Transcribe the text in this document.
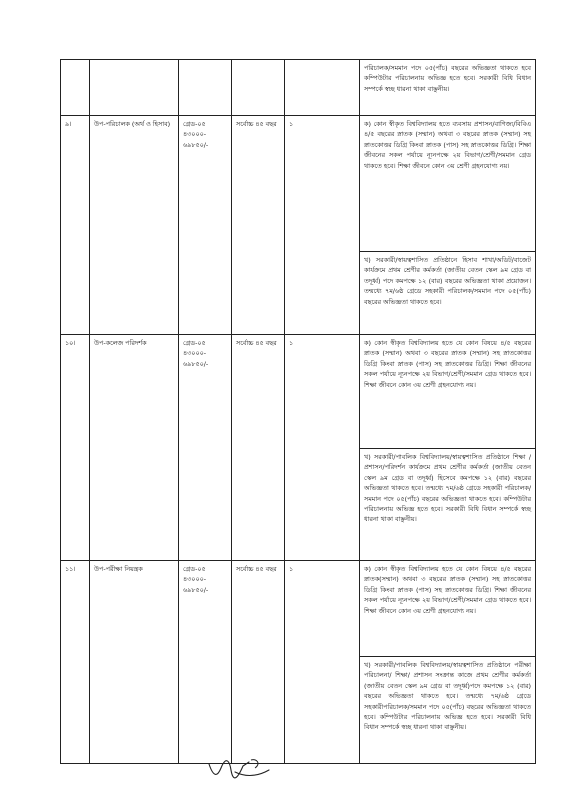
					পরিচালক/সমমান পদে ০৫(পাঁচ) বছরের অভিজ্ঞতা থাকতে হবে কম্পিউটার পরিচালনায় অভিজ্ঞ হতে হবে। সরকারী বিধি বিধান সম্পর্কে স্বচ্ছ ধারনা থাকা বাঞ্ছনীয়।

৯।	উপ-পরিচালক (অর্থ ও হিসাব)	গ্রেড-০৫ ৪৩০০০- ৬৯৮৫০/-	সর্বোচ্চ ৪৫ বছর	১	ক) কোন স্বীকৃত বিশ্ববিদ্যালয় হতে ব্যবসায় প্রশাসন/বাণিজ্য/বিবিএ ৪/৫ বছরের স্নাতক (সম্মান) অথবা ৩ বছরের স্নাতক (সম্মান) সহ স্নাতকোত্তর ডিগ্রি কিংবা স্নাতক (পাস) সহ স্নাতকোত্তর ডিগ্রি। শিক্ষা জীবনের সকল পর্যায়ে ন্যূনপক্ষে ২য় বিভাগ/শ্রেণী/সমমান গ্রেড থাকতে হবে। শিক্ষা জীবনে কোন ৩য় শ্রেণী গ্রহনযোগ্য নয়।
					খ) সরকারী/স্বায়ত্বশাসিত প্রতিষ্ঠানে হিসাব শাখা/অডিট/বাজেট কার্যক্রমে প্রথম শ্রেণীর কর্মকর্তা (জাতীয় বেতন স্কেল ৯ম গ্রেড বা তদূর্ধ্ব) পদে কমপক্ষে ১২ (বার) বছরের অভিজ্ঞতা থাকা প্রয়োজন। তন্মধ্যে ৭ম/৬ষ্ঠ গ্রেডে সহকারী পরিচালক/সমমান পদে ০৫(পাঁচ) বছরের অভিজ্ঞতা থাকতে হবে।
১০।	উপ-কলেজ পরিদর্শক	গ্রেড-০৫ ৪৩০০০- ৬৯৮৫০/-	সর্বোচ্চ ৪৫ বছর	১	ক) কোন স্বীকৃত বিশ্ববিদ্যালয় হতে যে কোন বিষয়ে ৪/৫ বছরের স্নাতক (সম্মান) অথবা ৩ বছরের স্নাতক (সম্মান) সহ স্নাতকোত্তর ডিগ্রি কিংবা স্নাতক (পাস) সহ স্নাতকোত্তর ডিগ্রি। শিক্ষা জীবনের সকল পর্যায়ে ন্যূনপক্ষে ২য় বিভাগ/শ্রেণী/সমমান গ্রেড থাকতে হবে। শিক্ষা জীবনে কোন ৩য় শ্রেণী গ্রহনযোগ্য নয়।
					খ) সরকারী/পাবলিক বিশ্ববিদ্যালয়/স্বায়ত্বশাসিত প্রতিষ্ঠানে শিক্ষা /প্রশাসন/পরিদর্শন কার্যক্রমে প্রথম শ্রেণীর কর্মকর্তা (জাতীয় বেতন স্কেল ৯ম গ্রেড বা তদূর্ধ্ব) হিসেবে কমপক্ষে ১২ (বার) বছরের অভিজ্ঞতা থাকতে হবে। তন্মধ্যে ৭ম/৬ষ্ঠ গ্রেডে সহকারী পরিচালক/সমমান পদে ০৫(পাঁচ) বছরের অভিজ্ঞতা থাকতে হবে। কম্পিউটার পরিচালনায় অভিজ্ঞ হতে হবে। সরকারী বিধি বিধান সম্পর্কে স্বচ্ছ ধারনা থাকা বাঞ্ছনীয়।
১১।	উপ-পরীক্ষা নিয়ন্ত্রক	গ্রেড-০৫ ৪৩০০০- ৬৯৮৫০/-	সর্বোচ্চ ৪৫ বছর	১	ক) কোন স্বীকৃত বিশ্ববিদ্যালয় হতে যে কোন বিষয়ে ৪/৫ বছরের স্নাতক(সম্মান) অথবা ৩ বছরের স্নাতক (সম্মান) সহ স্নাতকোত্তর ডিগ্রি কিংবা স্নাতক (পাস) সহ স্নাতকোত্তর ডিগ্রি। শিক্ষা জীবনের সকল পর্যায়ে ন্যূনপক্ষে ২য় বিভাগ/শ্রেণী/সমমান গ্রেড থাকতে হবে। শিক্ষা জীবনে কোন ৩য় শ্রেণী গ্রহনযোগ্য নয়।
					খ) সরকারী/পাবলিক বিশ্ববিদ্যালয়/স্বায়ত্বশাসিত প্রতিষ্ঠানে পরীক্ষা পরিচালনা/ শিক্ষা/ প্রশাসন সংক্রান্ত কাজে প্রথম শ্রেণীর কর্মকর্তা (জাতীয় বেতন স্কেল ৯ম গ্রেড বা তদূর্ধ্ব)পদে কমপক্ষে ১২ (বার) বছরের অভিজ্ঞতা থাকতে হবে। তন্মধ্যে ৭ম/৬ষ্ঠ গ্রেডে সহকারীপরিচালক/সমমান পদে ০৫(পাঁচ) বছরের অভিজ্ঞতা থাকতে হবে। কম্পিউটার পরিচালনায় অভিজ্ঞ হতে হবে। সরকারী বিধি বিধান সম্পর্কে স্বচ্ছ ধারনা থাকা বাঞ্ছনীয়।
